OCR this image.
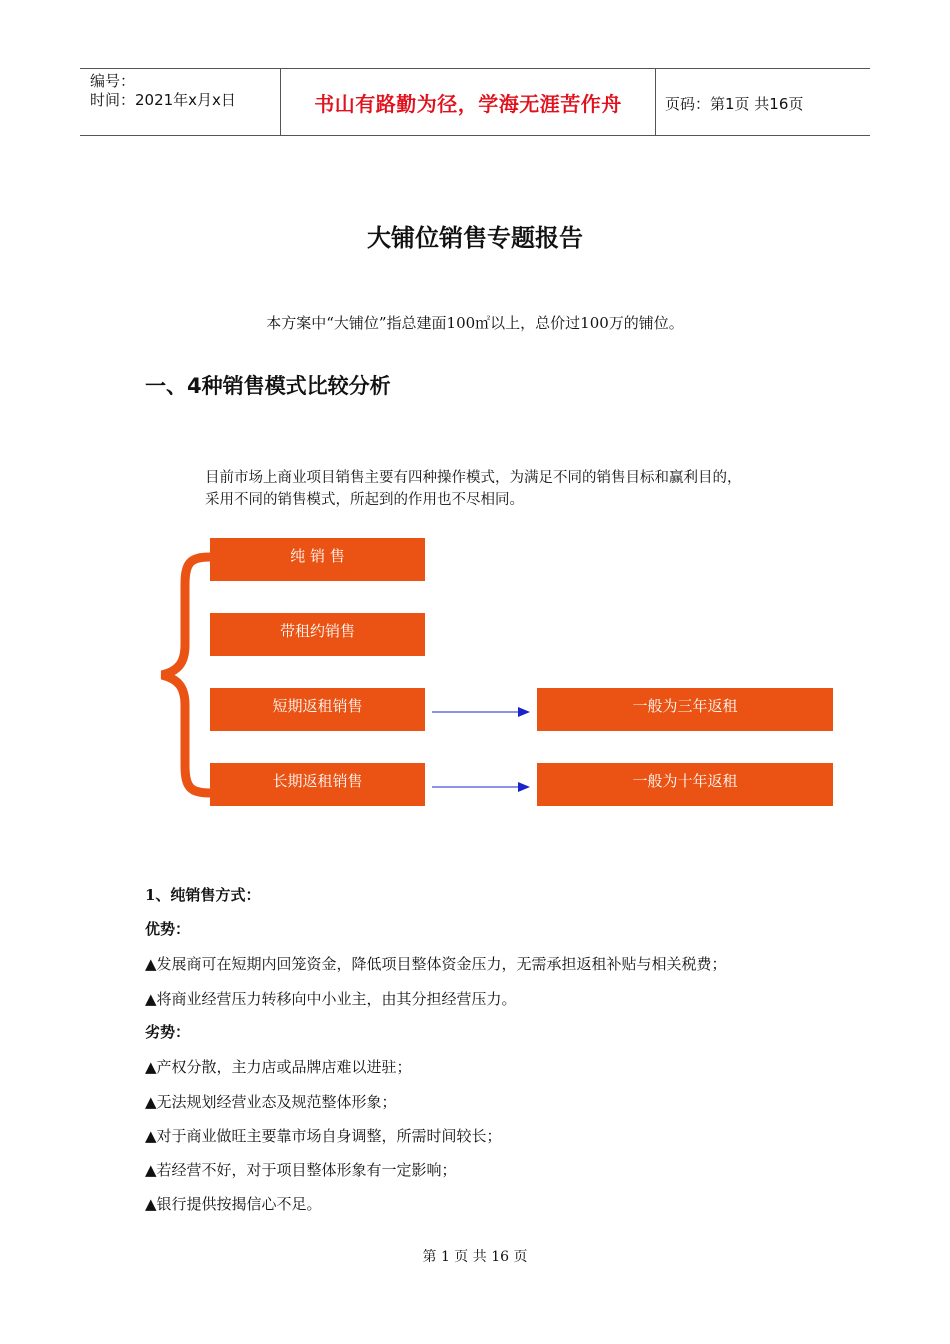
编号：
时间：2021年x月x日	书山有路勤为径，学海无涯苦作舟	页码：第1页 共16页
大铺位销售专题报告
本方案中“大铺位”指总建面100㎡以上，总价过100万的铺位。
一、4种销售模式比较分析
目前市场上商业项目销售主要有四种操作模式，为满足不同的销售目标和赢利目的，
采用不同的销售模式，所起到的作用也不尽相同。
纯 销 售
带租约销售
短期返租销售
长期返租销售
一般为三年返租
一般为十年返租
1、纯销售方式：
优势：
▲发展商可在短期内回笼资金，降低项目整体资金压力，无需承担返租补贴与相关税费；
▲将商业经营压力转移向中小业主，由其分担经营压力。
劣势：
▲产权分散，主力店或品牌店难以进驻；
▲无法规划经营业态及规范整体形象；
▲对于商业做旺主要靠市场自身调整，所需时间较长；
▲若经营不好，对于项目整体形象有一定影响；
▲银行提供按揭信心不足。
第 1 页 共 16 页
